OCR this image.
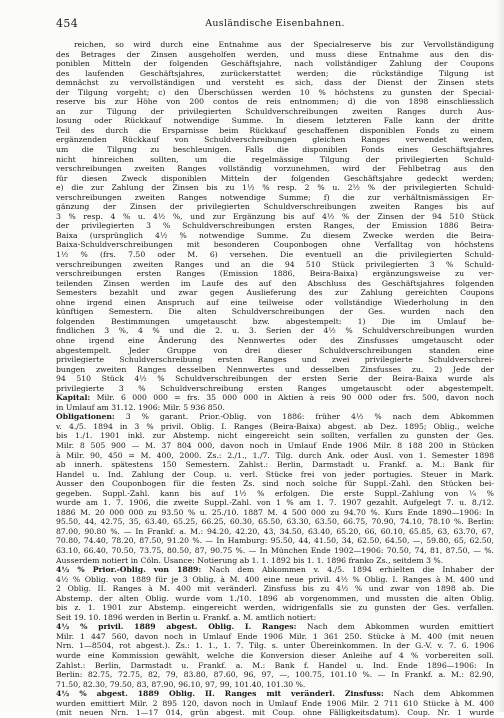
454	Ausländische Eisenbahnen.
reichen, so wird durch eine Entnahme aus der Specialreserve bis zur Vervollständigung
des Betrages der Zinsen ausgeholfen werden, und muss diese Entnahme aus den dis-
poniblen Mitteln der folgenden Geschäftsjahre, nach vollständiger Zahlung der Coupons
des laufenden Geschäftsjahres, zurückerstattet werden; die rückständige Tilgung ist
demnächst zu vervollständigen und versteht es sich, dass der Dienst der Zinsen stets
der Tilgung vorgeht; c) den Überschüssen werden 10 % höchstens zu gunsten der Special-
reserve bis zur Höhe von 200 contos de reis entnommen; d) die von 1898 einschliesslich
an zur Tilgung der privilegierten Schuldverschreibungen zweiten Ranges durch Aus-
losung oder Rückkauf notwendige Summe. In diesem letzteren Falle kann der dritte
Teil des durch die Ersparnisse beim Rückkauf geschaffenen disponiblen Fonds zu einem
ergänzenden Rückkauf von Schuldverschreibungen gleichen Ranges verwendet werden,
um die Tilgung zu beschleunigen. Falls die disponiblen Fonds eines Geschäftsjahres
nicht hinreichen sollten, um die regelmässige Tilgung der privilegierten Schuld-
verschreibungen zweiten Ranges vollständig vorzunehmen, wird der Fehlbetrag aus den
für diesen Zweck disponiblen Mitteln der folgenden Geschäftsjahre gedeckt werden;
e) die zur Zahlung der Zinsen bis zu 1½ % resp. 2 % u. 2½ % der privilegierten Schuld-
verschreibungen zweiten Ranges notwendige Summe; f) die zur verhältnismässigen Er-
gänzung der Zinsen der privilegierten Schuldverschreibungen zweiten Ranges bis auf
3 % resp. 4 % u. 4½ %, und zur Ergänzung bis auf 4½ % der Zinsen der 94 510 Stück
der privilegierten 3 % Schuldverschreibungen ersten Ranges, der Emission 1886 Beira-
Baixa (ursprünglich 4½ % notwendige Summe. Zu diesem Zwecke werden die Beira-
Baixa-Schuldverschreibungen mit besonderen Couponbogen ohne Verfalltag von höchstens
1½ % (frs. 7.50 oder M. 6) versehen. Die eventuell an die privilegierten Schuld-
verschreibungen zweiten Ranges und an die 94 510 Stück privilegierten 3 % Schuld-
verschreibungen ersten Ranges (Emission 1886, Beira-Baixa) ergänzungsweise zu ver-
teilenden Zinsen werden im Laufe des auf den Abschluss des Geschäftsjahres folgenden
Semesters bezahlt und zwar gegen Auslieferung des zur Zahlung gereichten Coupons
ohne irgend einen Anspruch auf eine teilweise oder vollständige Wiederholung in den
künftigen Semestern. Die alten Schuldverschreibungen der Ges. wurden nach den
folgenden Bestimmungen umgetauscht bzw. abgestempelt: 1) Die im Umlauf be-
findlichen 3 %, 4 % und die 2. u. 3. Serien der 4½ % Schuldverschreibungen wurden
ohne irgend eine Änderung des Nennwertes oder des Zinsfusses umgetauscht oder
abgestempelt. Jeder Gruppe von drei dieser Schuldverschreibungen standen eine
privilegierte Schuldverschreibung ersten Ranges und zwei privilegierte Schuldverschrei-
bungen zweiten Ranges desselben Nennwertes und desselben Zinsfusses zu. 2) Jede der
94 510 Stück 4½ % Schuldverschreibungen der ersten Serie der Beira-Baixa wurde als
privilegierte 3 % Schuldverschreibung ersten Ranges umgetauscht oder abgestempelt.
Kapital: Milr. 6 000 000 = frs. 35 000 000 in Aktien à reis 90 000 oder frs. 500, davon noch
in Umlauf am 31.12. 1906: Milr. 5 936 850.
Obligationen: 3 % garant. Prior.-Oblig. von 1886: früher 4½ % nach dem Abkommen
v. 4./5. 1894 in 3 % privil. Oblig. I. Ranges (Beira-Baixa) abgest. ab Dez. 1895; Oblig., welche
bis 1./1. 1901 inkl. zur Abstemp. nicht eingereicht sein sollten, verfallen zu gunsten der Ges.
Milr. 8 505 900 — M. 37 804 000, davon noch in Umlauf Ende 1906 Milr. 8 188 200 in Stücken
à Milr. 90, 450 = M. 400, 2000. Zs.: 2./1., 1./7. Tilg. durch Ank. oder Ausl. von 1. Semester 1898
ab innerh. spätestens 150 Semestern. Zahlst.: Berlin, Darmstadt u. Frankf. a. M.: Bank für
Handel u. Ind. Zahlung der Coup. u. verl. Stücke frei von jeder portugies. Steuer in Mark.
Ausser den Couponbogen für die festen Zs. sind noch solche für Suppl.-Zahl. den Stücken bei-
gegeben. Suppl.-Zahl. kann bis auf 1½ % erfolgen. Die erste Suppl.-Zahlung von ¼ %
wurde am 1. 7. 1906, die zweite Suppl.-Zahl. von 1 % am 1. 7. 1907 gezahlt. Aufgelegt 7. u. 8./12.
1886 M. 20 000 000 zu 93.50 % u. 25./10. 1887 M. 4 500 000 zu 94.70 %. Kurs Ende 1890—1906: In
95.50, 44, 42.75, 35, 63.40, 65.25, 66.25, 60.30, 65.50, 63.30, 63.50, 66.75, 70.90, 74.10, 78.10 %. Berlin:
87.00, 90.80 %. — In Frankf. a. M.: 94.20, 42.20, 43, 34.50, 63.40, 65.20, 66, 60.10, 65.85, 63, 63.70, 67,
70.80, 74.40, 78.20, 87.50, 91.20 %. — In Hamburg: 95.50, 44, 41.50, 34, 62.50, 64.50, —, 59.80, 65, 62.50,
63.10, 66.40, 70.50, 73.75, 80.50, 87, 90.75 %. — In München Ende 1902—1906: 70.50, 74, 81, 87.50, — %.
Ausserdem notiert in Cöln. Usance: Notierung ab 1. 1. 1892 bis 1. 1. 1896 franko Zs., seitdem 3 %.
4½ % Prior.-Oblig. von 1889: Nach dem Abkommen v. 4./5. 1894 erhielten die Inhaber der
4½ % Oblig. von 1889 für je 3 Oblig. à M. 400 eine neue privil. 4½ % Oblig. I. Ranges à M. 400 und
2 Oblig. II. Ranges à M. 400 mit veränderl. Zinsfuss bis zu 4½ % und zwar von 1898 ab. Die
Abstemp. der alten Oblig. wurde vom 1./10. 1896 ab vorgenommen, und mussten die alten Oblig.
bis z. 1. 1901 zur Abstemp. eingereicht werden, widrigenfalls sie zu gunsten der Ges. verfallen.
Seit 19. 10. 1896 werden in Berlin u. Frankf. a. M. amtlich notiert:
4½ % privil. 1889 abgest. Oblig. I. Ranges: Nach dem Abkommen wurden emittiert
Milr. 1 447 560, davon noch in Umlauf Ende 1906 Milr. 1 361 250. Stücke à M. 400 (mit neuen
Nrn. 1—8504, rot abgest.). Zs.: 1. 1., 1. 7. Tilg. s. unter Übereinkommen. In der G.-V. v. 7. 6. 1906
wurde eine Kommission gewählt, welche die Konversion dieser Anleihe auf 4 % vorbereiten soll.
Zahlst.: Berlin, Darmstadt u. Frankf. a. M.: Bank f. Handel u. Ind. Ende 1896—1906: In
Berlin: 82.75, 72.75, 82, 79, 83.80, 87.60, 96, 97, —, 100.75, 101.10 %. — In Frankf. a. M.: 82.90,
71.50, 82.30, 79.50, 83, 87.90, 96.10, 97, 99, 101.40, 101.30 %.
4½ % abgest. 1889 Oblig. II. Ranges mit veränderl. Zinsfuss: Nach dem Abkommen
wurden emittiert Milr. 2 895 120, davon noch in Umlauf Ende 1906 Milr. 2 711 610 Stücke à M. 400
(mit neuen Nrn. 1—17 014, grün abgest. mit Coup. ohne Fälligkeitsdatum). Coup. Nr. 1 wurde
